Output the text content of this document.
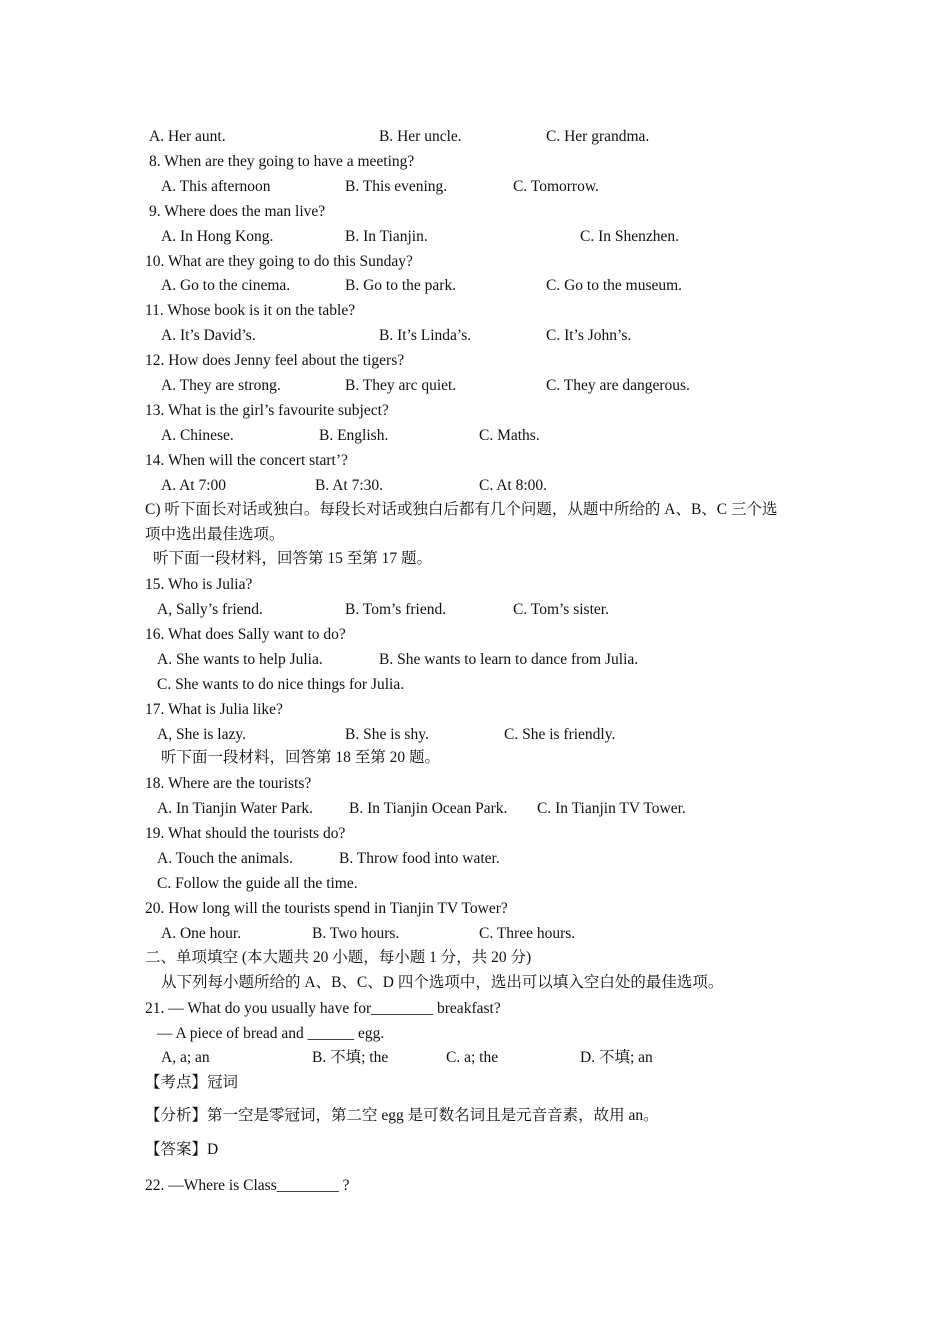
A. Her aunt.	B. Her uncle.	C. Her grandma.
8. When are they going to have a meeting?
A. This afternoon	B. This evening.	C. Tomorrow.
9. Where does the man live?
A. In Hong Kong.	B. In Tianjin.	C. In Shenzhen.
10. What are they going to do this Sunday?
A. Go to the cinema.	B. Go to the park.	C. Go to the museum.
11. Whose book is it on the table?
A. It’s David’s.	B. It’s Linda’s.	C. It’s John’s.
12. How does Jenny feel about the tigers?
A. They are strong.	B. They arc quiet.	C. They are dangerous.
13. What is the girl’s favourite subject?
A. Chinese.	B. English.	C. Maths.
14. When will the concert start’?
A. At 7:00	B. At 7:30.	C. At 8:00.
C) 听下面长对话或独白。每段长对话或独白后都有几个问题，从题中所给的 A、B、C 三个选
项中选出最佳选项。
听下面一段材料，回答第 15 至第 17 题。
15. Who is Julia?
A, Sally’s friend.	B. Tom’s friend.	C. Tom’s sister.
16. What does Sally want to do?
A. She wants to help Julia.	B. She wants to learn to dance from Julia.
C. She wants to do nice things for Julia.
17. What is Julia like?
A, She is lazy.	B. She is shy.	C. She is friendly.
听下面一段材料，回答第 18 至第 20 题。
18. Where are the tourists?
A. In Tianjin Water Park. B. In Tianjin Ocean Park. C. In Tianjin TV Tower.
19. What should the tourists do?
A. Touch the animals.	B. Throw food into water.
C. Follow the guide all the time.
20. How long will the tourists spend in Tianjin TV Tower?
A. One hour.	B. Two hours.	C. Three hours.
二、单项填空 (本大题共 20 小题，每小题 1 分，共 20 分)
从下列每小题所给的 A、B、C、D 四个选项中，选出可以填入空白处的最佳选项。
21. — What do you usually have for________ breakfast?
— A piece of bread and ______ egg.
A, a; an	B. 不填; the	C. a; the	D. 不填; an
【考点】冠词
【分析】第一空是零冠词，第二空 egg 是可数名词且是元音音素，故用 an。
【答案】D
22. —Where is Class________ ?
